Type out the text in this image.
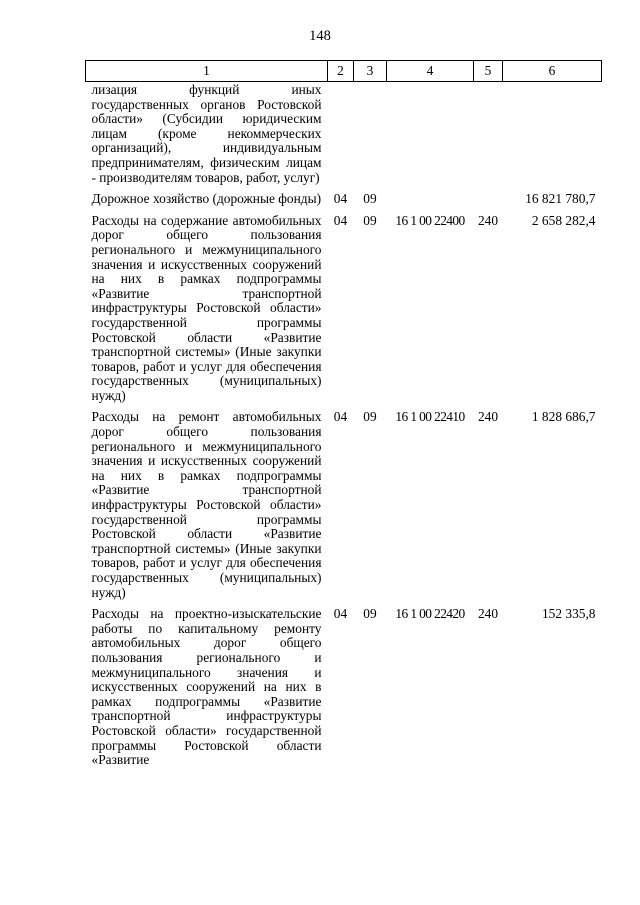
148
1	2	3	4	5	6
лизация функций иных государственных органов Ростовской области» (Субсидии юридическим лицам (кроме некоммерческих организаций), индивидуальным предпринимателям, физическим лицам - производителям товаров, работ, услуг)					
Дорожное хозяйство (дорожные фонды)	04	09			16 821 780,7
Расходы на содержание автомобильных дорог общего пользования регионального и межмуниципального значения и искусственных сооружений на них в рамках подпрограммы «Развитие транспортной инфраструктуры Ростовской области» государственной программы Ростовской области «Развитие транспортной системы» (Иные закупки товаров, работ и услуг для обеспечения государственных (муниципальных) нужд)	04	09	16 1 00 22400	240	2 658 282,4
Расходы на ремонт автомобильных дорог общего пользования регионального и межмуниципального значения и искусственных сооружений на них в рамках подпрограммы «Развитие транспортной инфраструктуры Ростовской области» государственной программы Ростовской области «Развитие транспортной системы» (Иные закупки товаров, работ и услуг для обеспечения государственных (муниципальных) нужд)	04	09	16 1 00 22410	240	1 828 686,7
Расходы на проектно-изыскательские работы по капитальному ремонту автомобильных дорог общего пользования регионального и межмуниципального значения и искусственных сооружений на них в рамках подпрограммы «Развитие транспортной инфраструктуры Ростовской области» государственной программы Ростовской области «Развитие	04	09	16 1 00 22420	240	152 335,8
